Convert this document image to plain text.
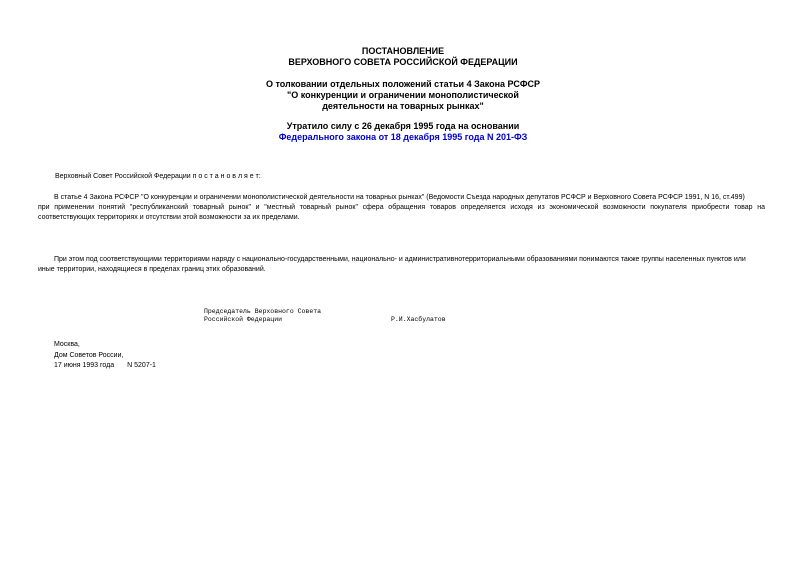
ПОСТАНОВЛЕНИЕ
ВЕРХОВНОГО СОВЕТА РОССИЙСКОЙ ФЕДЕРАЦИИ
О толковании отдельных положений статьи 4 Закона РСФСР
"О конкуренции и ограничении монополистической
деятельности на товарных рынках"
Утратило силу с 26 декабря 1995 года на основании
Федерального закона от 18 декабря 1995 года N 201-ФЗ

Верховный Совет Российской Федерации п о с т а н о в л я е т:

В статье 4 Закона РСФСР "О конкуренции и ограничении монополистической деятельности на товарных рынках" (Ведомости Съезда народных депутатов РСФСР и Верховного Совета РСФСР 1991, N 16, ст.499)
при применении понятий "республиканский товарный рынок" и "местный товарный рынок" сфера обращения товаров определяется исходя из экономической возможности покупателя приобрести товар на
соответствующих территориях и отсутствии этой возможности за их пределами.
При этом под соответствующими территориями наряду с национально-государственными, национально- и административнотерриториальными образованиями понимаются также группы населенных пунктов или
иные территории, находящиеся в пределах границ этих образований.
Председатель Верховного Совета
Российской Федерации	Р.И.Хасбулатов
Москва,
Дом Советов России,
17 июня 1993 года N 5207-1
